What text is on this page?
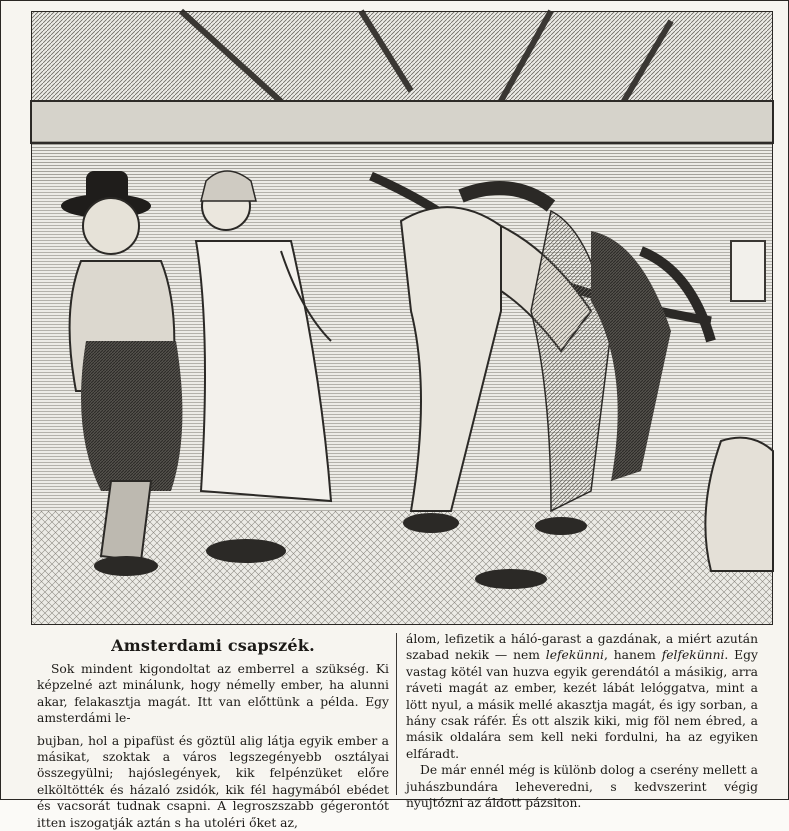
Amsterdami csapszék.

Sok mindent kigondoltat az emberrel a szükség. Ki képzelné azt minálunk, hogy némelly ember, ha alunni akar, felakasztja magát. Itt van előttünk a példa. Egy amsterdámi le-

bujban, hol a pipafüst és göztül alig látja egyik ember a másikat, szoktak a város legszegényebb osztályai összegyülni; hajóslegények, kik felpénzüket előre elköltötték és házaló zsidók, kik fél hagymából ebédet és vacsorát tudnak csapni. A legroszszabb gégerontót itten iszogatják aztán s ha utoléri őket az,

álom, lefizetik a háló-garast a gazdának, a miért azután szabad nekik — nem lefekünni, hanem felfekünni. Egy vastag kötél van huzva egyik gerendától a másikig, arra ráveti magát az ember, kezét lábát lelóggatva, mint a lött nyul, a másik mellé akasztja magát, és igy sorban, a hány csak ráfér. És ott alszik kiki, mig föl nem ébred, a másik oldalára sem kell neki fordulni, ha az egyiken elfáradt.

De már ennél még is különb dolog a cserény mellett a juhászbundára leheveredni, s kedvszerint végig nyujtózni az áldott pázsiton.
